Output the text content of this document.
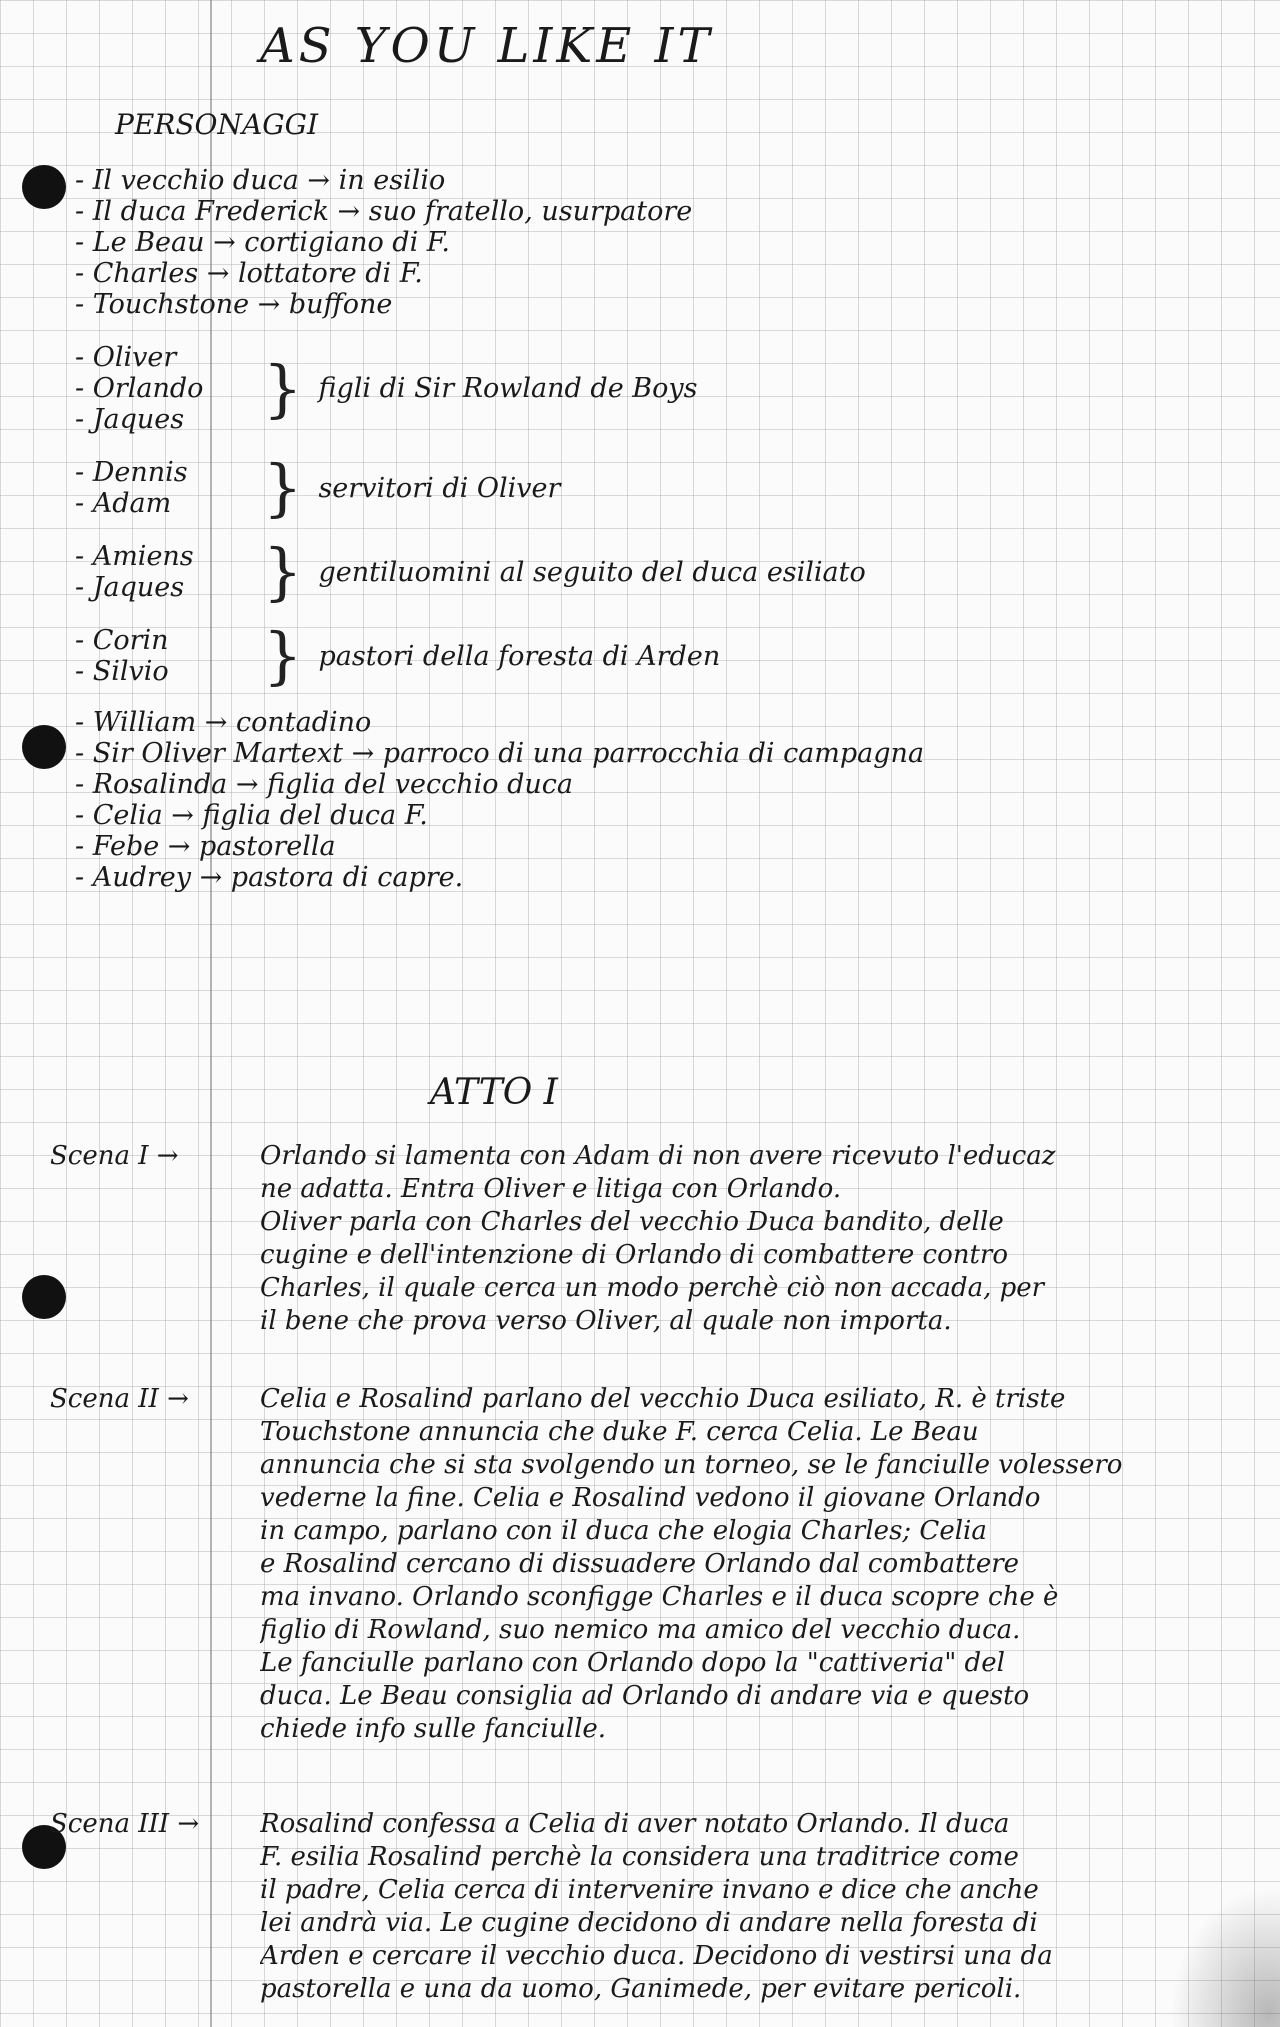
AS YOU LIKE IT
PERSONAGGI
- Il vecchio duca → in esilio
- Il duca Frederick → suo fratello, usurpatore
- Le Beau → cortigiano di F.
- Charles → lottatore di F.
- Touchstone → buffone
- Oliver
- Orlando
- Jaques	} figli di Sir Rowland de Boys
- Dennis
- Adam	} servitori di Oliver
- Amiens
- Jaques	} gentiluomini al seguito del duca esiliato
- Corin
- Silvio	} pastori della foresta di Arden
- William → contadino
- Sir Oliver Martext → parroco di una parrocchia di campagna
- Rosalinda → figlia del vecchio duca
- Celia → figlia del duca F.
- Febe → pastorella
- Audrey → pastora di capre.
ATTO I
Scena I →	Orlando si lamenta con Adam di non avere ricevuto l'educaz
ne adatta. Entra Oliver e litiga con Orlando.
Oliver parla con Charles del vecchio Duca bandito, delle
cugine e dell'intenzione di Orlando di combattere contro
Charles, il quale cerca un modo perchè ciò non accada, per
il bene che prova verso Oliver, al quale non importa.
Scena II →	Celia e Rosalind parlano del vecchio Duca esiliato, R. è triste
Touchstone annuncia che duke F. cerca Celia. Le Beau
annuncia che si sta svolgendo un torneo, se le fanciulle volessero
vederne la fine. Celia e Rosalind vedono il giovane Orlando
in campo, parlano con il duca che elogia Charles; Celia
e Rosalind cercano di dissuadere Orlando dal combattere
ma invano. Orlando sconfigge Charles e il duca scopre che è
figlio di Rowland, suo nemico ma amico del vecchio duca.
Le fanciulle parlano con Orlando dopo la "cattiveria" del
duca. Le Beau consiglia ad Orlando di andare via e questo
chiede info sulle fanciulle.
Scena III → Rosalind confessa a Celia di aver notato Orlando. Il duca
F. esilia Rosalind perchè la considera una traditrice come
il padre, Celia cerca di intervenire invano e dice che anche
lei andrà via. Le cugine decidono di andare nella foresta di
Arden e cercare il vecchio duca. Decidono di vestirsi una da
pastorella e una da uomo, Ganimede, per evitare pericoli.
